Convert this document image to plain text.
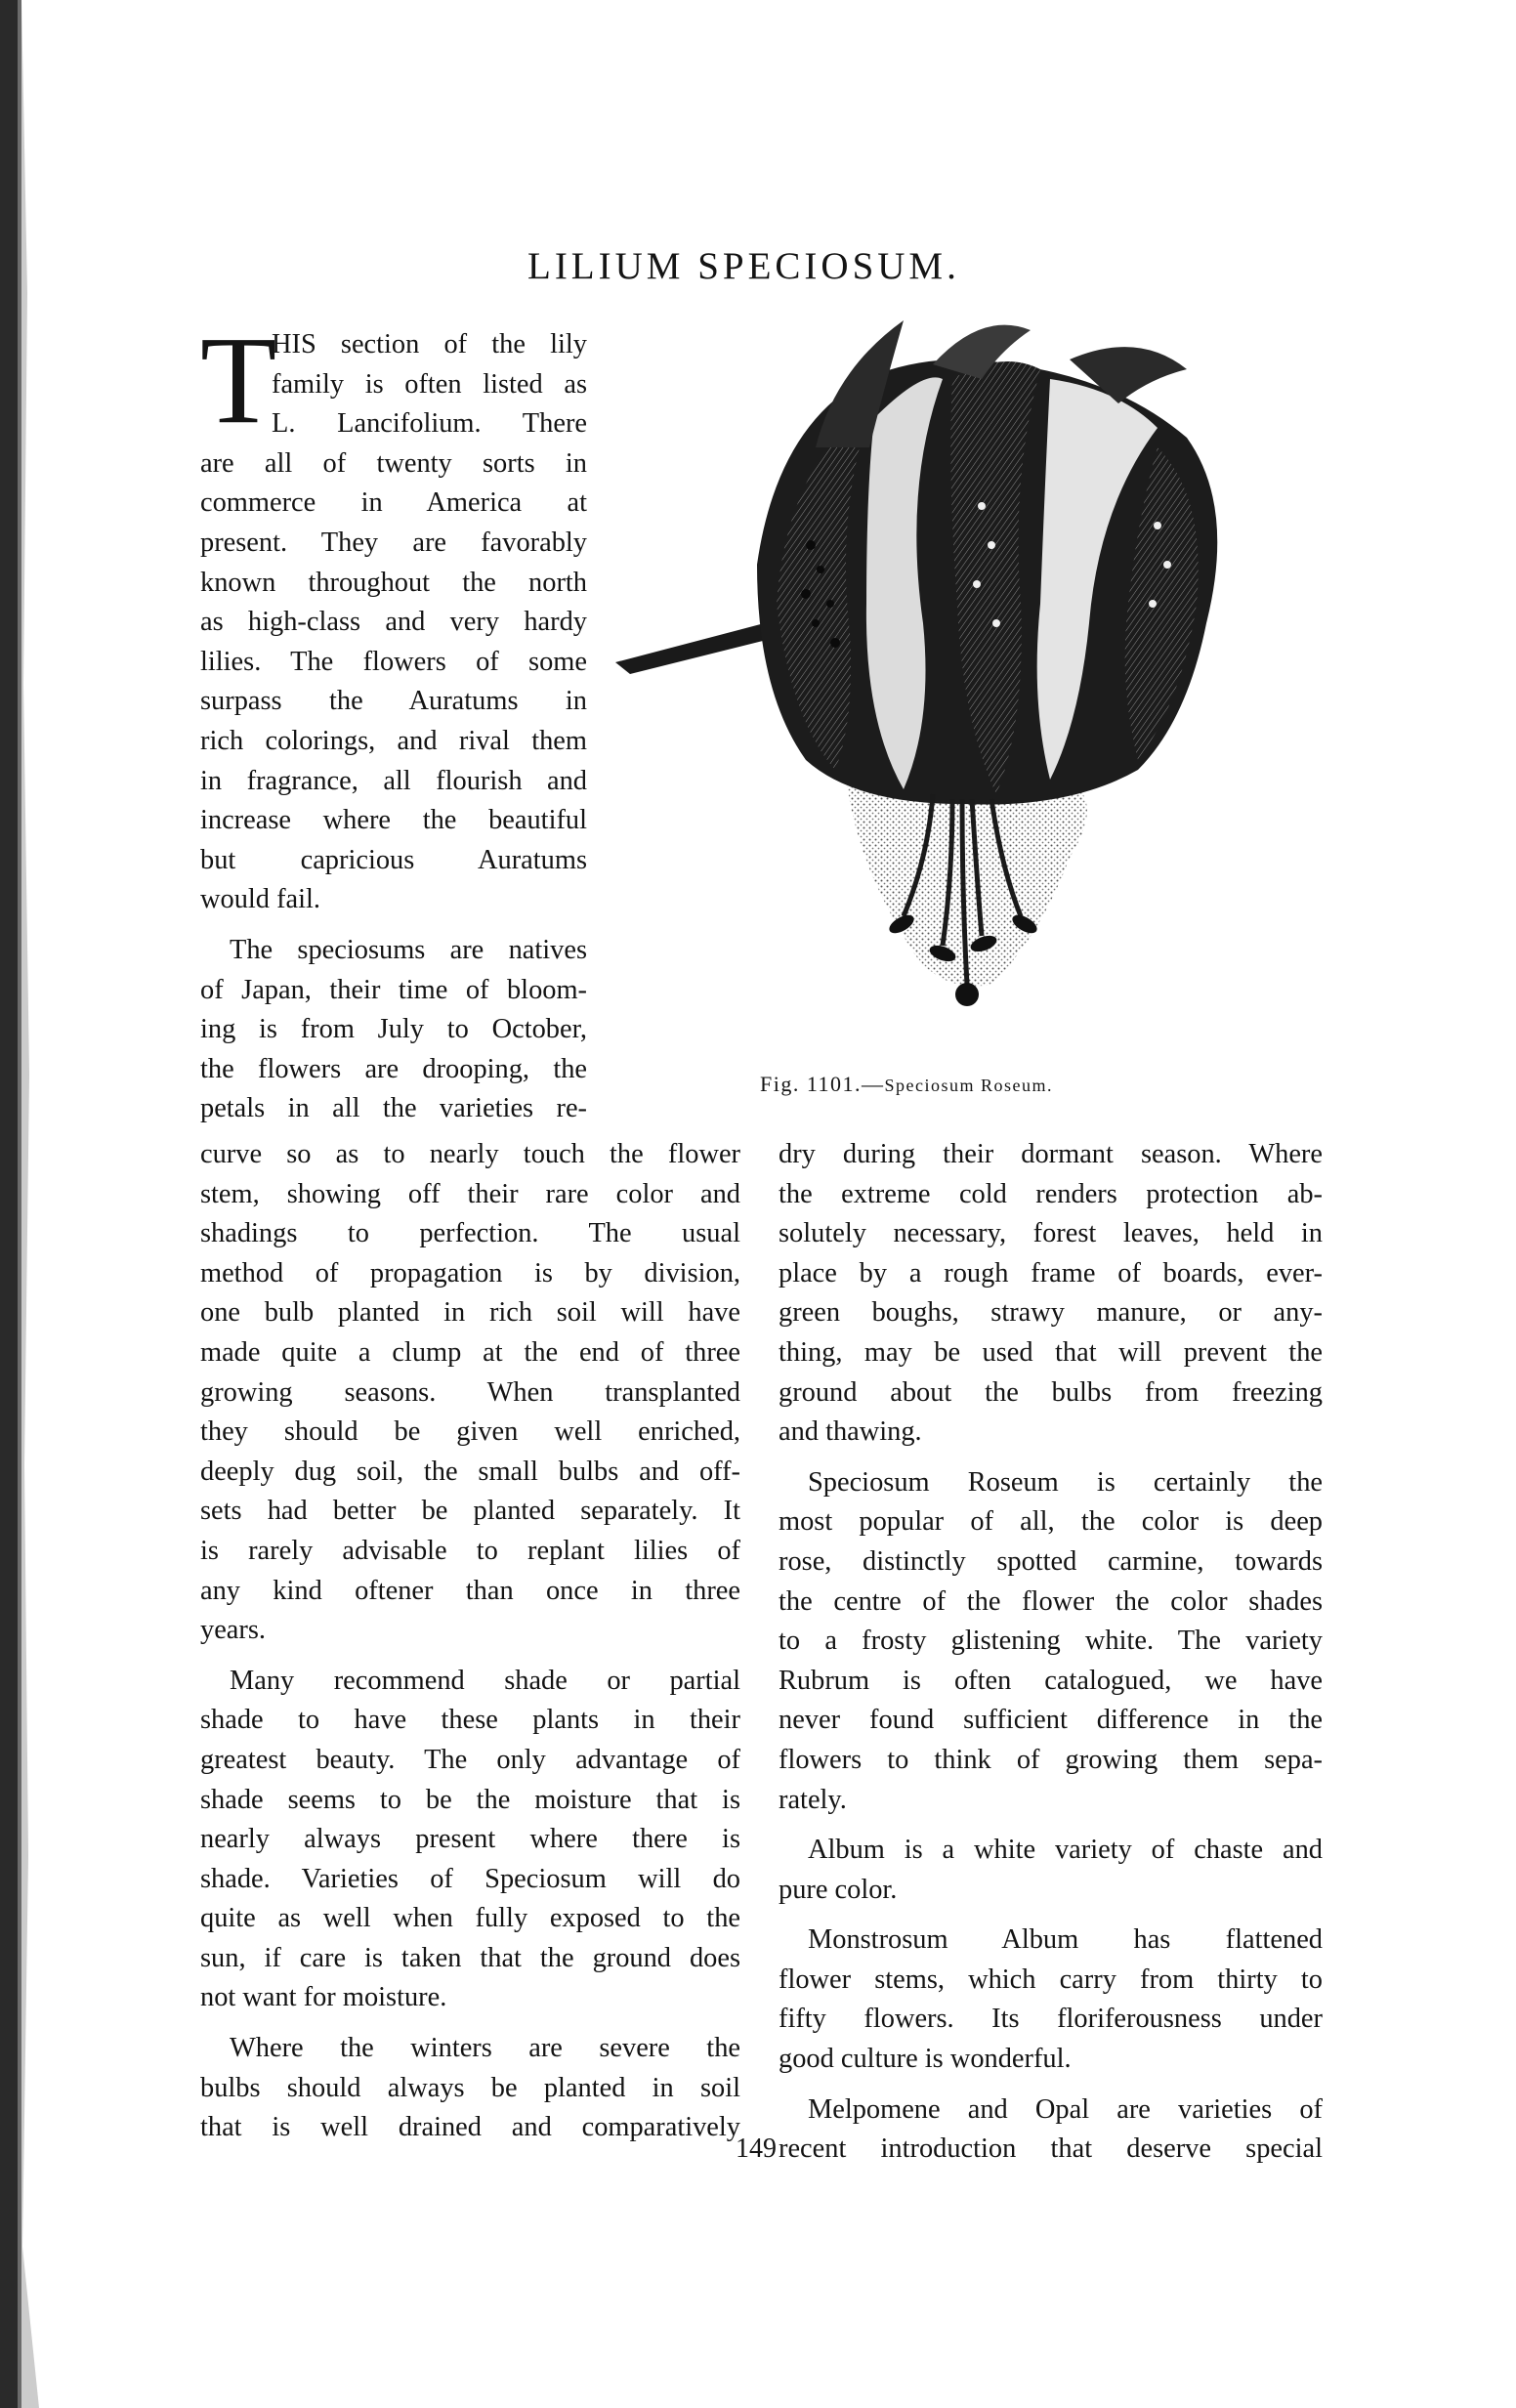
LILIUM SPECIOSUM.
T

HIS section of the lily
family is often listed as
L. Lancifolium. There
are all of twenty sorts in
commerce in America at
present. They are favorably
known throughout the north
as high-class and very hardy
lilies. The flowers of some
surpass the Auratums in
rich colorings, and rival them
in fragrance, all flourish and
increase where the beautiful
but capricious Auratums
would fail.

The speciosums are natives
of Japan, their time of bloom-
ing is from July to October,
the flowers are drooping, the
petals in all the varieties re-

Fig. 1101.—Speciosum Roseum.

curve so as to nearly touch the flower
stem, showing off their rare color and
shadings to perfection. The usual
method of propagation is by division,
one bulb planted in rich soil will have
made quite a clump at the end of three
growing seasons. When transplanted
they should be given well enriched,
deeply dug soil, the small bulbs and off-
sets had better be planted separately. It
is rarely advisable to replant lilies of
any kind oftener than once in three
years.

Many recommend shade or partial
shade to have these plants in their
greatest beauty. The only advantage of
shade seems to be the moisture that is
nearly always present where there is
shade. Varieties of Speciosum will do
quite as well when fully exposed to the
sun, if care is taken that the ground does
not want for moisture.

Where the winters are severe the
bulbs should always be planted in soil
that is well drained and comparatively

dry during their dormant season. Where
the extreme cold renders protection ab-
solutely necessary, forest leaves, held in
place by a rough frame of boards, ever-
green boughs, strawy manure, or any-
thing, may be used that will prevent the
ground about the bulbs from freezing
and thawing.

Speciosum Roseum is certainly the
most popular of all, the color is deep
rose, distinctly spotted carmine, towards
the centre of the flower the color shades
to a frosty glistening white. The variety
Rubrum is often catalogued, we have
never found sufficient difference in the
flowers to think of growing them sepa-
rately.

Album is a white variety of chaste and
pure color.

Monstrosum Album has flattened
flower stems, which carry from thirty to
fifty flowers. Its floriferousness under
good culture is wonderful.

Melpomene and Opal are varieties of
recent introduction that deserve special

149
